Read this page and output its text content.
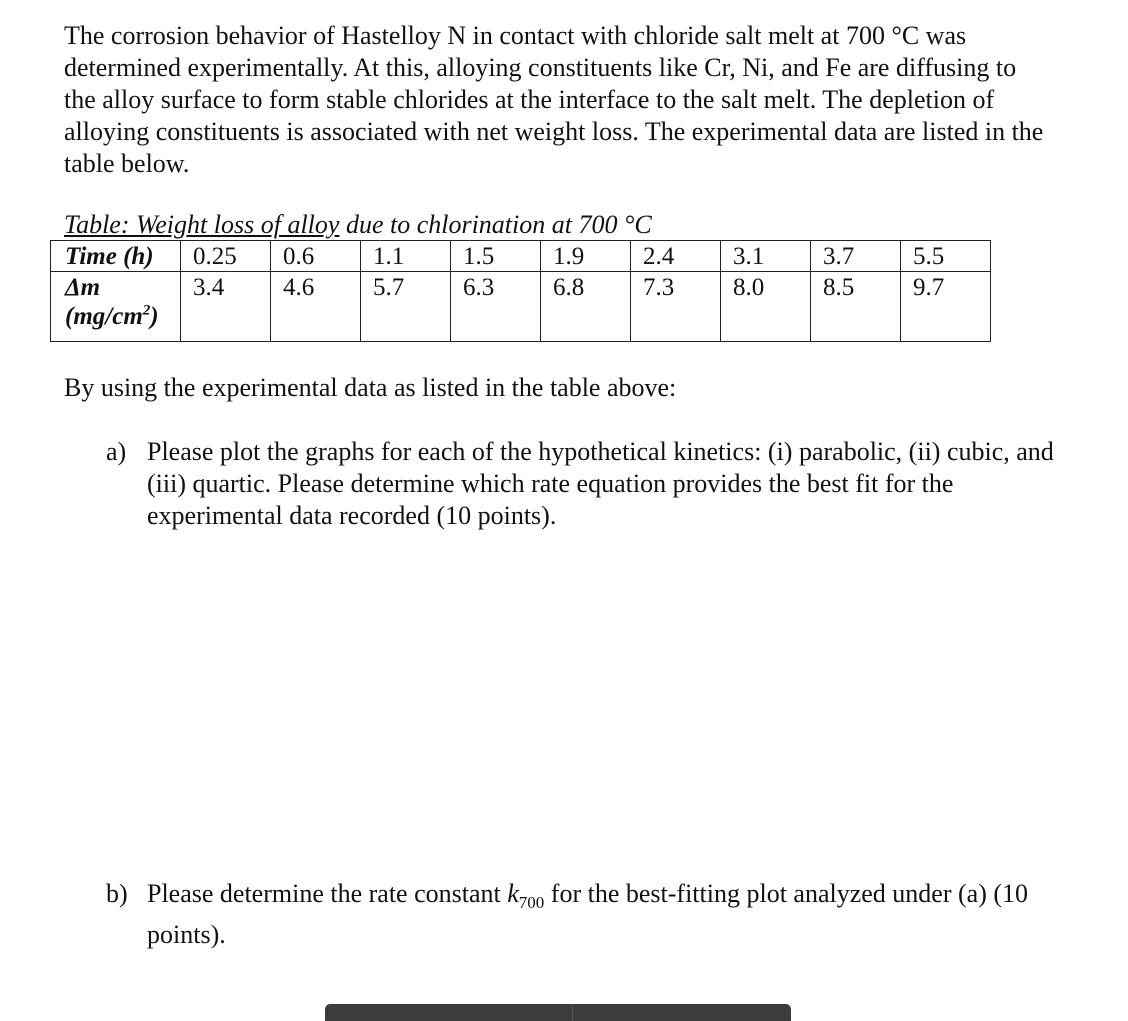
The corrosion behavior of Hastelloy N in contact with chloride salt melt at 700 °C was determined experimentally. At this, alloying constituents like Cr, Ni, and Fe are diffusing to the alloy surface to form stable chlorides at the interface to the salt melt. The depletion of alloying constituents is associated with net weight loss. The experimental data are listed in the table below.

Table: Weight loss of alloy due to chlorination at 700 °C

Time (h)	0.25	0.6	1.1	1.5	1.9	2.4	3.1	3.7	5.5

Δm
$(mg/cm^2)$	3.4	4.6	5.7	6.3	6.8	7.3	8.0	8.5	9.7

By using the experimental data as listed in the table above:

a) Please plot the graphs for each of the hypothetical kinetics: (i) parabolic, (ii) cubic, and (iii) quartic. Please determine which rate equation provides the best fit for the experimental data recorded (10 points).
b) Please determine the rate constant $k_{700}$ for the best-fitting plot analyzed under (a) (10 points).
